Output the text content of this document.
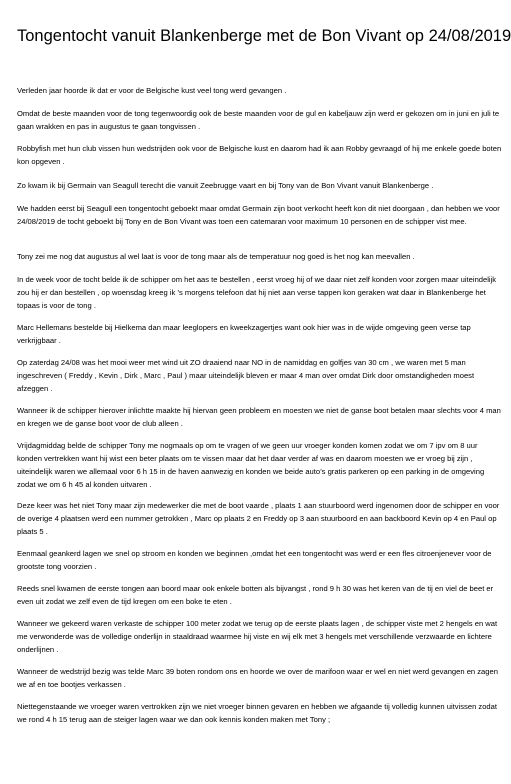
Tongentocht vanuit Blankenberge met de Bon Vivant op 24/08/2019

Verleden jaar hoorde ik dat er voor de Belgische kust veel tong werd gevangen .

Omdat de beste maanden voor de tong tegenwoordig ook de beste maanden voor de gul en kabeljauw zijn werd er gekozen om in juni en juli te gaan wrakken en pas in augustus te gaan tongvissen .

Robbyfish met hun club vissen hun wedstrijden ook voor de Belgische kust en daarom had ik aan Robby gevraagd of hij me enkele goede boten kon opgeven .

Zo kwam ik bij Germain van Seagull terecht die vanuit Zeebrugge vaart en bij Tony van de Bon Vivant vanuit Blankenberge .

We hadden eerst bij Seagull een tongentocht geboekt maar omdat Germain zijn boot verkocht heeft kon dit niet doorgaan , dan hebben we voor 24/08/2019 de tocht geboekt bij Tony en de Bon Vivant was toen een catemaran voor maximum 10 personen en de schipper vist mee.

Tony zei me nog dat augustus al wel laat is voor de tong maar als de temperatuur nog goed is het nog kan meevallen .

In de week voor de tocht belde ik de schipper om het aas te bestellen , eerst vroeg hij of we daar niet zelf konden voor zorgen maar uiteindelijk zou hij er dan bestellen , op woensdag kreeg ik ’s morgens telefoon dat hij niet aan verse tappen kon geraken wat daar in Blankenberge het topaas is voor de tong .

Marc Hellemans bestelde bij Hielkema dan maar leeglopers en kweekzagertjes want ook hier was in de wijde omgeving geen verse tap verkrijgbaar .

Op zaterdag 24/08 was het mooi weer met wind uit ZO draaiend naar NO in de namiddag en golfjes van 30 cm , we waren met 5 man ingeschreven ( Freddy , Kevin , Dirk , Marc , Paul ) maar uiteindelijk bleven er maar 4 man over omdat Dirk door omstandigheden moest afzeggen .

Wanneer ik de schipper hierover inlichtte maakte hij hiervan geen probleem en moesten we niet de ganse boot betalen maar slechts voor 4 man en kregen we de ganse boot voor de club alleen .

Vrijdagmiddag belde de schipper Tony me nogmaals op om te vragen of we geen uur vroeger konden komen zodat we om 7 ipv om 8 uur konden vertrekken want hij wist een beter plaats om te vissen maar dat het daar verder af was en daarom moesten we er vroeg bij zijn , uiteindelijk waren we allemaal voor 6 h 15 in de haven aanwezig en konden we beide auto’s gratis parkeren op een parking in de omgeving zodat we om 6 h 45 al konden uitvaren .

Deze keer was het niet Tony maar zijn medewerker die met de boot vaarde , plaats 1 aan stuurboord werd ingenomen door de schipper en voor de overige 4 plaatsen werd een nummer getrokken , Marc op plaats 2 en Freddy op 3 aan stuurboord en aan backboord Kevin op 4 en Paul op plaats 5 .

Eenmaal geankerd lagen we snel op stroom en konden we beginnen ,omdat het een tongentocht was werd er een fles citroenjenever voor de grootste tong voorzien .

Reeds snel kwamen de eerste tongen aan boord maar ook enkele botten als bijvangst , rond 9 h 30 was het keren van de tij en viel de beet er even uit zodat we zelf even de tijd kregen om een boke te eten .

Wanneer we gekeerd waren verkaste de schipper 100 meter zodat we terug op de eerste plaats lagen , de schipper viste met 2 hengels en wat me verwonderde was de volledige onderlijn in staaldraad waarmee hij viste en wij elk met 3 hengels met verschillende verzwaarde en lichtere onderlijnen .

Wanneer de wedstrijd bezig was telde Marc 39 boten rondom ons en hoorde we over de marifoon waar er wel en niet werd gevangen en zagen we af en toe bootjes verkassen .

Niettegenstaande we vroeger waren vertrokken zijn we niet vroeger binnen gevaren en hebben we afgaande tij volledig kunnen uitvissen zodat we rond 4 h 15 terug aan de steiger lagen waar we dan ook kennis konden maken met Tony ;
